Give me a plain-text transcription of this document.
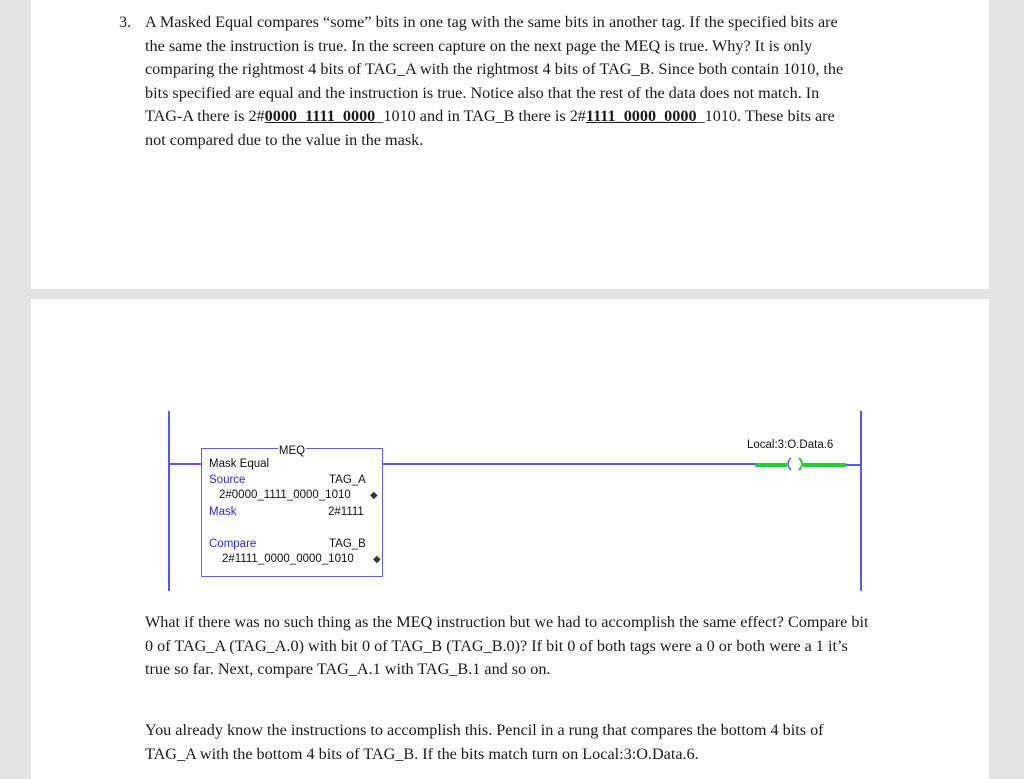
3. A Masked Equal compares “some” bits in one tag with the same bits in another tag. If the specified bits are the same the instruction is true. In the screen capture on the next page the MEQ is true. Why? It is only comparing the rightmost 4 bits of TAG_A with the rightmost 4 bits of TAG_B. Since both contain 1010, the bits specified are equal and the instruction is true. Notice also that the rest of the data does not match. In TAG-A there is 2#0000_1111_0000_1010 and in TAG_B there is 2#1111_0000_0000_1010. These bits are not compared due to the value in the mask.
MEQ
Mask Equal
Source	TAG_A
2#0000_1111_0000_1010 ◆
Mask	2#1111
Compare	TAG_B
2#1111_0000_0000_1010 ◆
Local:3:O.Data.6
What if there was no such thing as the MEQ instruction but we had to accomplish the same effect? Compare bit 0 of TAG_A (TAG_A.0) with bit 0 of TAG_B (TAG_B.0)? If bit 0 of both tags were a 0 or both were a 1 it’s true so far. Next, compare TAG_A.1 with TAG_B.1 and so on.
You already know the instructions to accomplish this. Pencil in a rung that compares the bottom 4 bits of TAG_A with the bottom 4 bits of TAG_B. If the bits match turn on Local:3:O.Data.6.
